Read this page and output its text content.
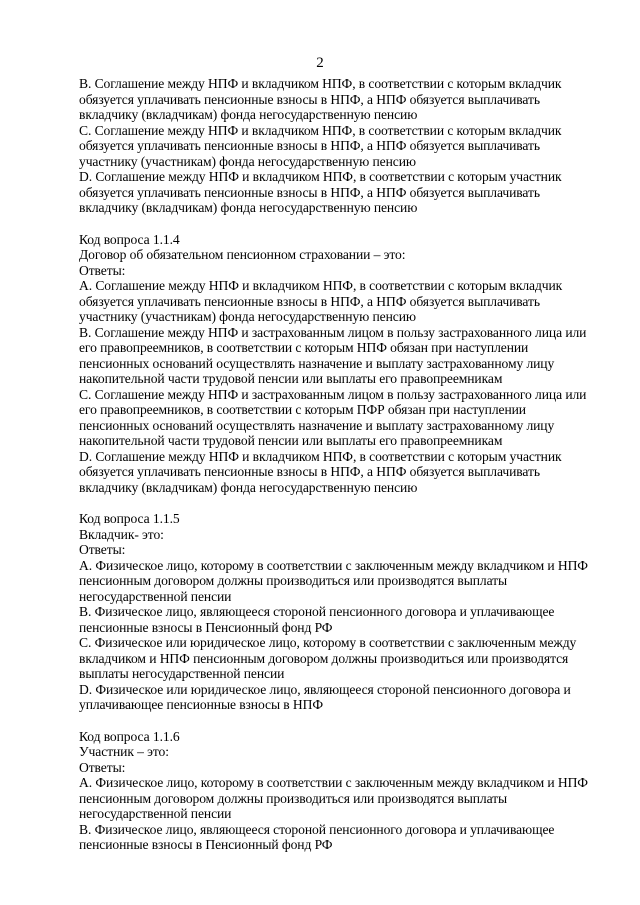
2
B. Соглашение между НПФ и вкладчиком НПФ, в соответствии с которым вкладчик
обязуется уплачивать пенсионные взносы в НПФ, а НПФ обязуется выплачивать
вкладчику (вкладчикам) фонда негосударственную пенсию
C. Соглашение между НПФ и вкладчиком НПФ, в соответствии с которым вкладчик
обязуется уплачивать пенсионные взносы в НПФ, а НПФ обязуется выплачивать
участнику (участникам) фонда негосударственную пенсию
D. Соглашение между НПФ и вкладчиком НПФ, в соответствии с которым участник
обязуется уплачивать пенсионные взносы в НПФ, а НПФ обязуется выплачивать
вкладчику (вкладчикам) фонда негосударственную пенсию
Код вопроса 1.1.4
Договор об обязательном пенсионном страховании – это:
Ответы:
A. Соглашение между НПФ и вкладчиком НПФ, в соответствии с которым вкладчик
обязуется уплачивать пенсионные взносы в НПФ, а НПФ обязуется выплачивать
участнику (участникам) фонда негосударственную пенсию
B. Соглашение между НПФ и застрахованным лицом в пользу застрахованного лица или
его правопреемников, в соответствии с которым НПФ обязан при наступлении
пенсионных оснований осуществлять назначение и выплату застрахованному лицу
накопительной части трудовой пенсии или выплаты его правопреемникам
C. Соглашение между НПФ и застрахованным лицом в пользу застрахованного лица или
его правопреемников, в соответствии с которым ПФР обязан при наступлении
пенсионных оснований осуществлять назначение и выплату застрахованному лицу
накопительной части трудовой пенсии или выплаты его правопреемникам
D. Соглашение между НПФ и вкладчиком НПФ, в соответствии с которым участник
обязуется уплачивать пенсионные взносы в НПФ, а НПФ обязуется выплачивать
вкладчику (вкладчикам) фонда негосударственную пенсию
Код вопроса 1.1.5
Вкладчик- это:
Ответы:
A. Физическое лицо, которому в соответствии с заключенным между вкладчиком и НПФ
пенсионным договором должны производиться или производятся выплаты
негосударственной пенсии
B. Физическое лицо, являющееся стороной пенсионного договора и уплачивающее
пенсионные взносы в Пенсионный фонд РФ
C. Физическое или юридическое лицо, которому в соответствии с заключенным между
вкладчиком и НПФ пенсионным договором должны производиться или производятся
выплаты негосударственной пенсии
D. Физическое или юридическое лицо, являющееся стороной пенсионного договора и
уплачивающее пенсионные взносы в НПФ
Код вопроса 1.1.6
Участник – это:
Ответы:
A. Физическое лицо, которому в соответствии с заключенным между вкладчиком и НПФ
пенсионным договором должны производиться или производятся выплаты
негосударственной пенсии
B. Физическое лицо, являющееся стороной пенсионного договора и уплачивающее
пенсионные взносы в Пенсионный фонд РФ
